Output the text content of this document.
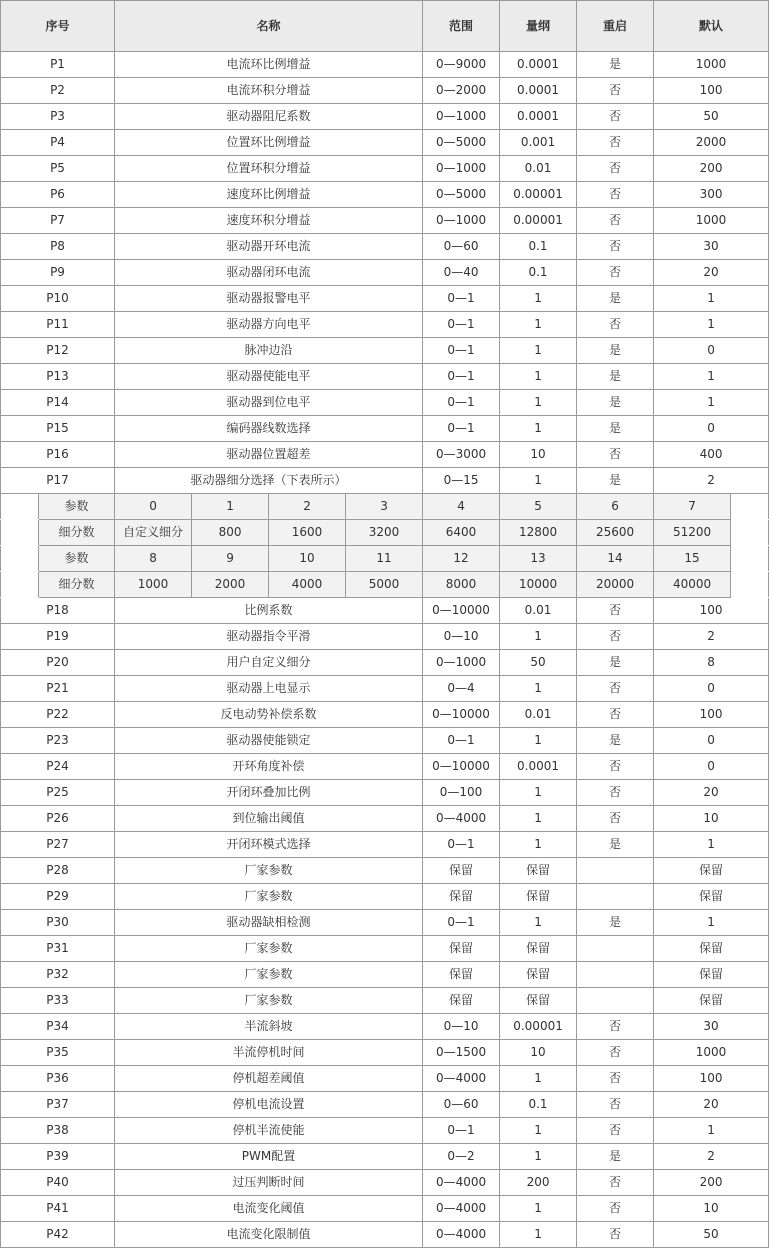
序号		名称				范围	量纲	重启	默认	
P1		电流环比例增益				0—9000	0.0001	是	1000	
P2		电流环积分增益				0—2000	0.0001	否	100	
P3		驱动器阻尼系数				0—1000	0.0001	否	50	
P4		位置环比例增益				0—5000	0.001	否	2000	
P5		位置环积分增益				0—1000	0.01	否	200	
P6		速度环比例增益				0—5000	0.00001	否	300	
P7		速度环积分增益				0—1000	0.00001	否	1000	
P8		驱动器开环电流				0—60	0.1	否	30	
P9		驱动器闭环电流				0—40	0.1	否	20	
P10		驱动器报警电平				0—1	1	是	1	
P11		驱动器方向电平				0—1	1	否	1	
P12		脉冲边沿				0—1	1	是	0	
P13		驱动器使能电平				0—1	1	是	1	
P14		驱动器到位电平				0—1	1	是	1	
P15		编码器线数选择				0—1	1	是	0	
P16		驱动器位置超差				0—3000	10	否	400	
P17		驱动器细分选择（下表所示）				0—15	1	是	2	
	参数	0	1	2	3	4	5	6	7	
	细分数	自定义细分	800	1600	3200	6400	12800	25600	51200	
	参数	8	9	10	11	12	13	14	15	
	细分数	1000	2000	4000	5000	8000	10000	20000	40000	
P18		比例系数				0—10000	0.01	否	100	
P19		驱动器指令平滑				0—10	1	否	2	
P20		用户自定义细分				0—1000	50	是	8	
P21		驱动器上电显示				0—4	1	否	0	
P22		反电动势补偿系数				0—10000	0.01	否	100	
P23		驱动器使能锁定				0—1	1	是	0	
P24		开环角度补偿				0—10000	0.0001	否	0	
P25		开闭环叠加比例				0—100	1	否	20	
P26		到位输出阈值				0—4000	1	否	10	
P27		开闭环模式选择				0—1	1	是	1	
P28		厂家参数				保留	保留		保留	
P29		厂家参数				保留	保留		保留	
P30		驱动器缺相检测				0—1	1	是	1	
P31		厂家参数				保留	保留		保留	
P32		厂家参数				保留	保留		保留	
P33		厂家参数				保留	保留		保留	
P34		半流斜坡				0—10	0.00001	否	30	
P35		半流停机时间				0—1500	10	否	1000	
P36		停机超差阈值				0—4000	1	否	100	
P37		停机电流设置				0—60	0.1	否	20	
P38		停机半流使能				0—1	1	否	1	
P39		PWM配置				0—2	1	是	2	
P40		过压判断时间				0—4000	200	否	200	
P41		电流变化阈值				0—4000	1	否	10	
P42		电流变化限制值				0—4000	1	否	50	
